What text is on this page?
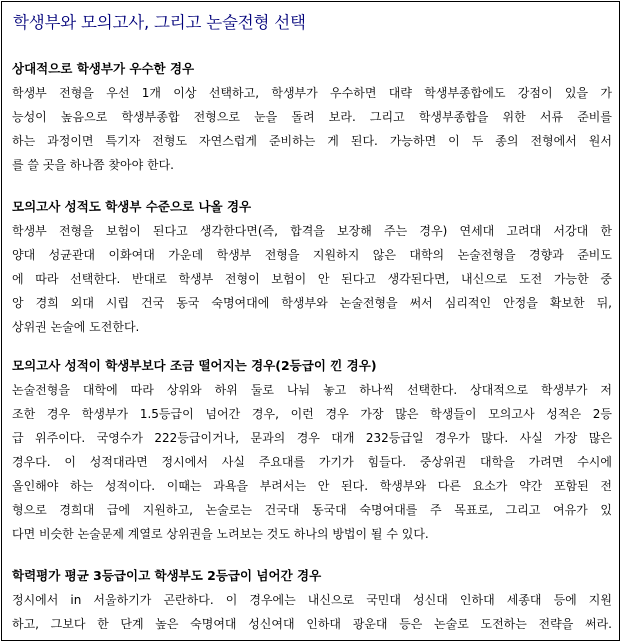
학생부와 모의고사, 그리고 논술전형 선택
상대적으로 학생부가 우수한 경우
학생부 전형을 우선 1개 이상 선택하고, 학생부가 우수하면 대략 학생부종합에도 강점이 있을 가
능성이 높음으로 학생부종합 전형으로 눈을 돌려 보라. 그리고 학생부종합을 위한 서류 준비를
하는 과정이면 특기자 전형도 자연스럽게 준비하는 게 된다. 가능하면 이 두 종의 전형에서 원서
를 쓸 곳을 하나쯤 찾아야 한다.
모의고사 성적도 학생부 수준으로 나올 경우
학생부 전형을 보험이 된다고 생각한다면(즉, 합격을 보장해 주는 경우) 연세대 고려대 서강대 한
양대 성균관대 이화여대 가운데 학생부 전형을 지원하지 않은 대학의 논술전형을 경향과 준비도
에 따라 선택한다. 반대로 학생부 전형이 보험이 안 된다고 생각된다면, 내신으로 도전 가능한 중
앙 경희 외대 시립 건국 동국 숙명여대에 학생부와 논술전형을 써서 심리적인 안정을 확보한 뒤,
상위권 논술에 도전한다.
모의고사 성적이 학생부보다 조금 떨어지는 경우(2등급이 낀 경우)
논술전형을 대학에 따라 상위와 하위 둘로 나눠 놓고 하나씩 선택한다. 상대적으로 학생부가 저
조한 경우 학생부가 1.5등급이 넘어간 경우, 이런 경우 가장 많은 학생들이 모의고사 성적은 2등
급 위주이다. 국영수가 222등급이거나, 문과의 경우 대개 232등급일 경우가 많다. 사실 가장 많은
경우다. 이 성적대라면 정시에서 사실 주요대를 가기가 힘들다. 중상위권 대학을 가려면 수시에
올인해야 하는 성적이다. 이때는 과욕을 부려서는 안 된다. 학생부와 다른 요소가 약간 포함된 전
형으로 경희대 급에 지원하고, 논술로는 건국대 동국대 숙명여대를 주 목표로, 그리고 여유가 있
다면 비슷한 논술문제 계열로 상위권을 노려보는 것도 하나의 방법이 될 수 있다.
학력평가 평균 3등급이고 학생부도 2등급이 넘어간 경우
정시에서 in 서울하기가 곤란하다. 이 경우에는 내신으로 국민대 성신대 인하대 세종대 등에 지원
하고, 그보다 한 단계 높은 숙명여대 성신여대 인하대 광운대 등은 논술로 도전하는 전략을 써라.
